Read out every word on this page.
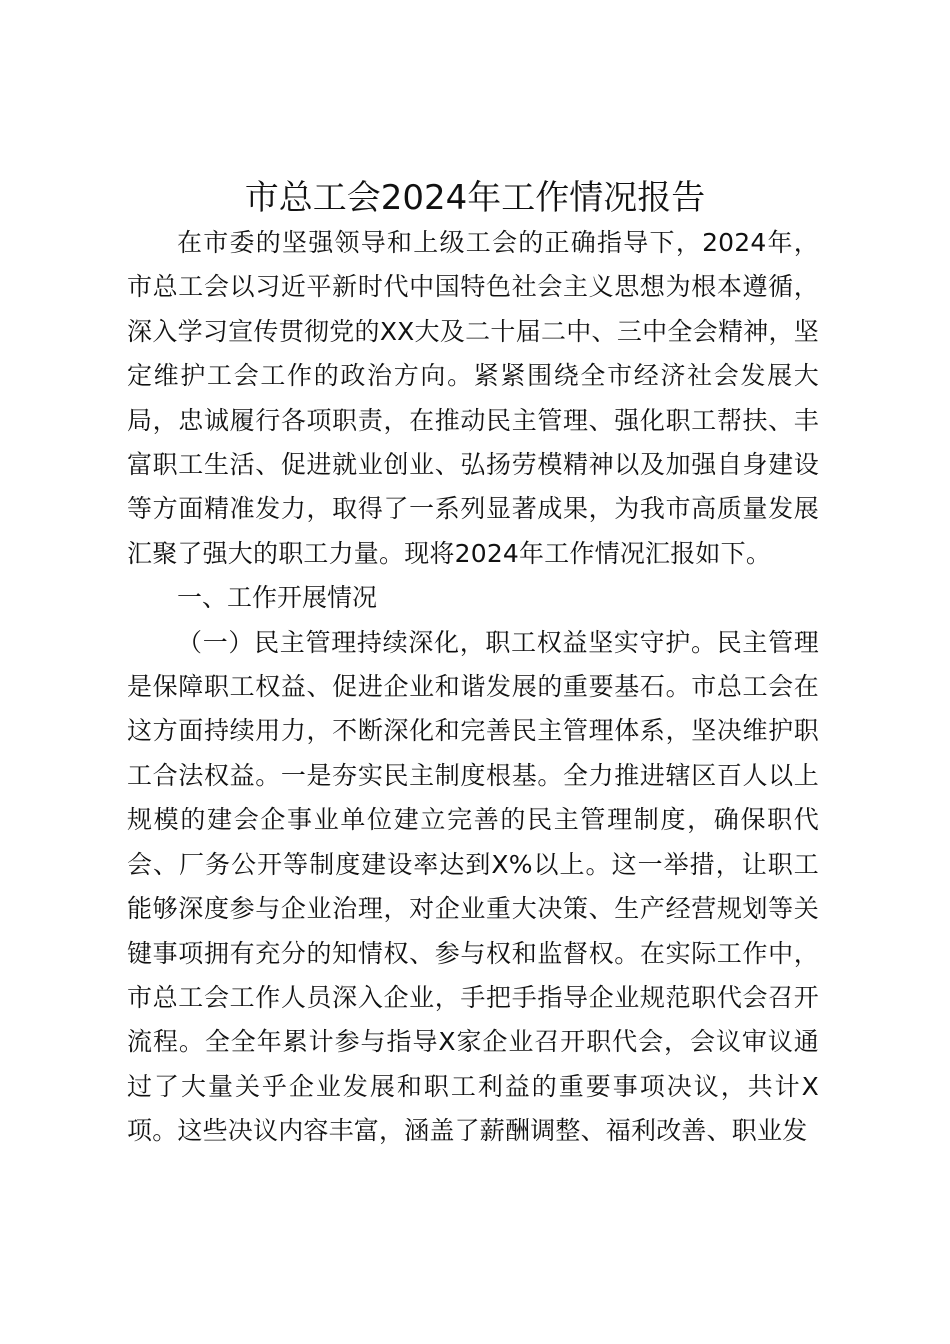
市总工会2024年工作情况报告

在市委的坚强领导和上级工会的正确指导下，2024年，市总工会以习近平新时代中国特色社会主义思想为根本遵循，深入学习宣传贯彻党的XX大及二十届二中、三中全会精神，坚定维护工会工作的政治方向。紧紧围绕全市经济社会发展大局，忠诚履行各项职责，在推动民主管理、强化职工帮扶、丰富职工生活、促进就业创业、弘扬劳模精神以及加强自身建设等方面精准发力，取得了一系列显著成果，为我市高质量发展汇聚了强大的职工力量。现将2024年工作情况汇报如下。

一、工作开展情况

（一）民主管理持续深化，职工权益坚实守护。民主管理是保障职工权益、促进企业和谐发展的重要基石。市总工会在这方面持续用力，不断深化和完善民主管理体系，坚决维护职工合法权益。一是夯实民主制度根基。全力推进辖区百人以上规模的建会企事业单位建立完善的民主管理制度，确保职代会、厂务公开等制度建设率达到X%以上。这一举措，让职工能够深度参与企业治理，对企业重大决策、生产经营规划等关键事项拥有充分的知情权、参与权和监督权。在实际工作中，市总工会工作人员深入企业，手把手指导企业规范职代会召开流程。全全年累计参与指导X家企业召开职代会，会议审议通过了大量关乎企业发展和职工利益的重要事项决议，共计X项。这些决议内容丰富，涵盖了薪酬调整、福利改善、职业发
